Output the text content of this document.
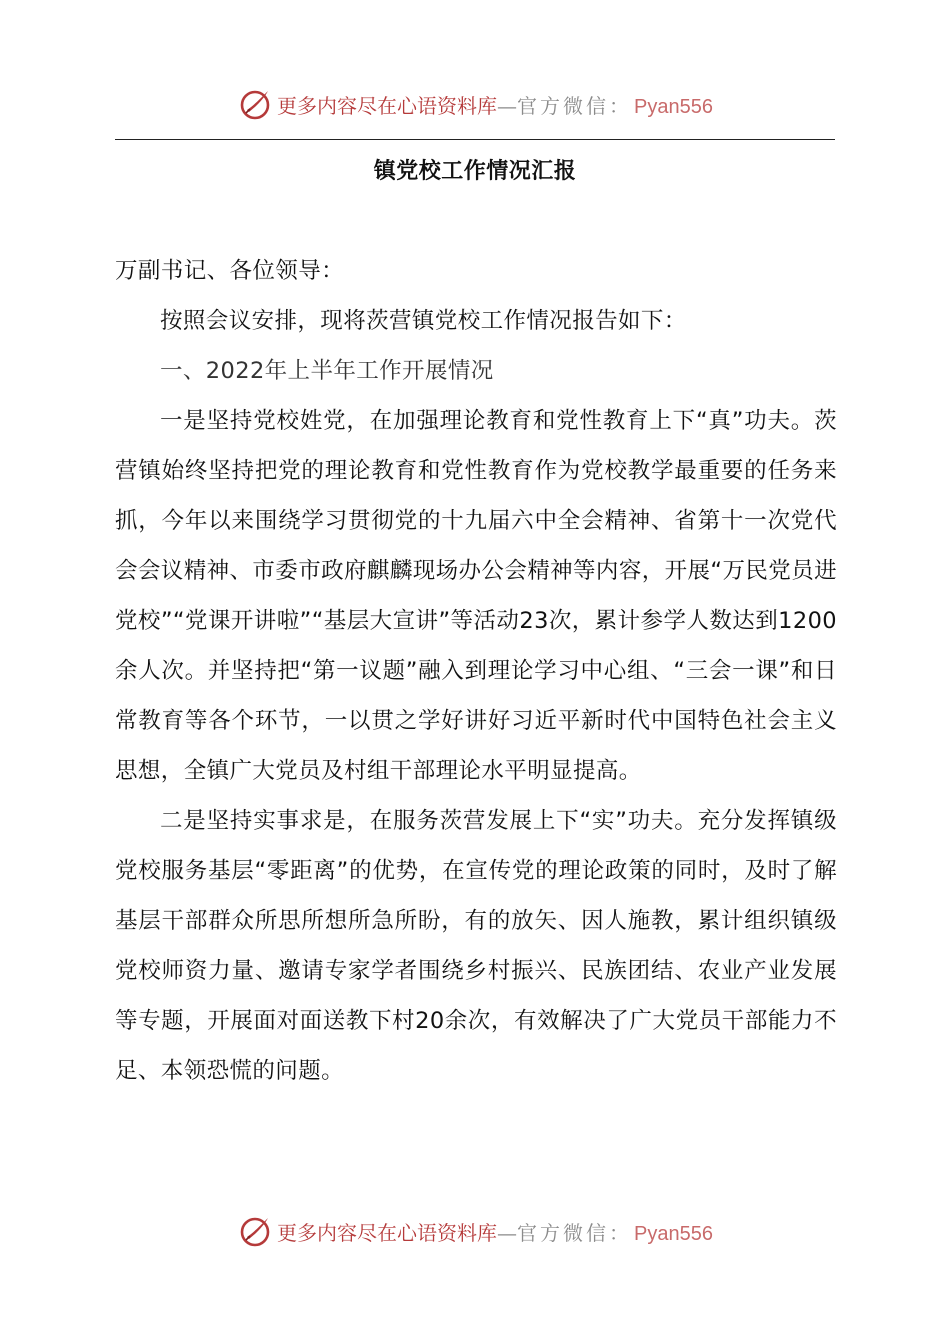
更多内容尽在心语资料库—官方微信： Pyan556
镇党校工作情况汇报

万副书记、各位领导：

按照会议安排，现将茨营镇党校工作情况报告如下：

一、2022年上半年工作开展情况

一是坚持党校姓党，在加强理论教育和党性教育上下“真”功夫。茨营镇始终坚持把党的理论教育和党性教育作为党校教学最重要的任务来抓，今年以来围绕学习贯彻党的十九届六中全会精神、省第十一次党代会会议精神、市委市政府麒麟现场办公会精神等内容，开展“万民党员进党校”“党课开讲啦”“基层大宣讲”等活动23次，累计参学人数达到1200余人次。并坚持把“第一议题”融入到理论学习中心组、“三会一课”和日常教育等各个环节，一以贯之学好讲好习近平新时代中国特色社会主义思想，全镇广大党员及村组干部理论水平明显提高。

二是坚持实事求是，在服务茨营发展上下“实”功夫。充分发挥镇级党校服务基层“零距离”的优势，在宣传党的理论政策的同时，及时了解基层干部群众所思所想所急所盼，有的放矢、因人施教，累计组织镇级党校师资力量、邀请专家学者围绕乡村振兴、民族团结、农业产业发展等专题，开展面对面送教下村20余次，有效解决了广大党员干部能力不足、本领恐慌的问题。

更多内容尽在心语资料库—官方微信： Pyan556
